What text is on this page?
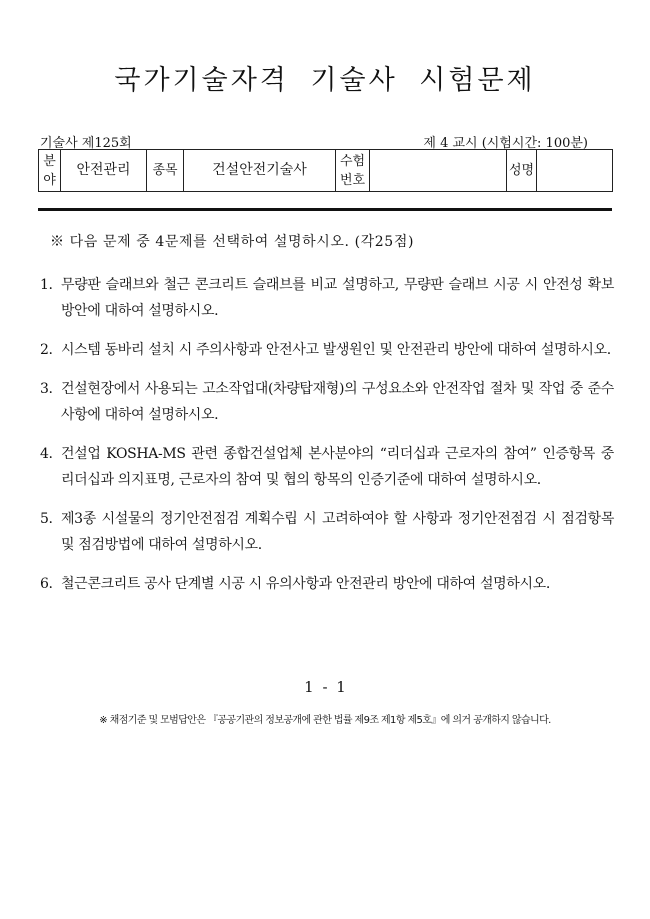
국가기술자격 기술사 시험문제
기술사 제125회	제 4 교시 (시험시간: 100분)
분야	안전관리	종목	건설안전기술사	수험번호		성명	
※ 다음 문제 중 4문제를 선택하여 설명하시오. (각25점)
1. 무량판 슬래브와 철근 콘크리트 슬래브를 비교 설명하고, 무량판 슬래브 시공 시 안전성 확보 방안에 대하여 설명하시오.
2. 시스템 동바리 설치 시 주의사항과 안전사고 발생원인 및 안전관리 방안에 대하여 설명하시오.
3. 건설현장에서 사용되는 고소작업대(차량탑재형)의 구성요소와 안전작업 절차 및 작업 중 준수사항에 대하여 설명하시오.
4. 건설업 KOSHA-MS 관련 종합건설업체 본사분야의 “리더십과 근로자의 참여” 인증항목 중 리더십과 의지표명, 근로자의 참여 및 협의 항목의 인증기준에 대하여 설명하시오.
5. 제3종 시설물의 정기안전점검 계획수립 시 고려하여야 할 사항과 정기안전점검 시 점검항목 및 점검방법에 대하여 설명하시오.
6. 철근콘크리트 공사 단계별 시공 시 유의사항과 안전관리 방안에 대하여 설명하시오.
1 - 1
※ 채점기준 및 모범답안은 『공공기관의 정보공개에 관한 법률 제9조 제1항 제5호』에 의거 공개하지 않습니다.
